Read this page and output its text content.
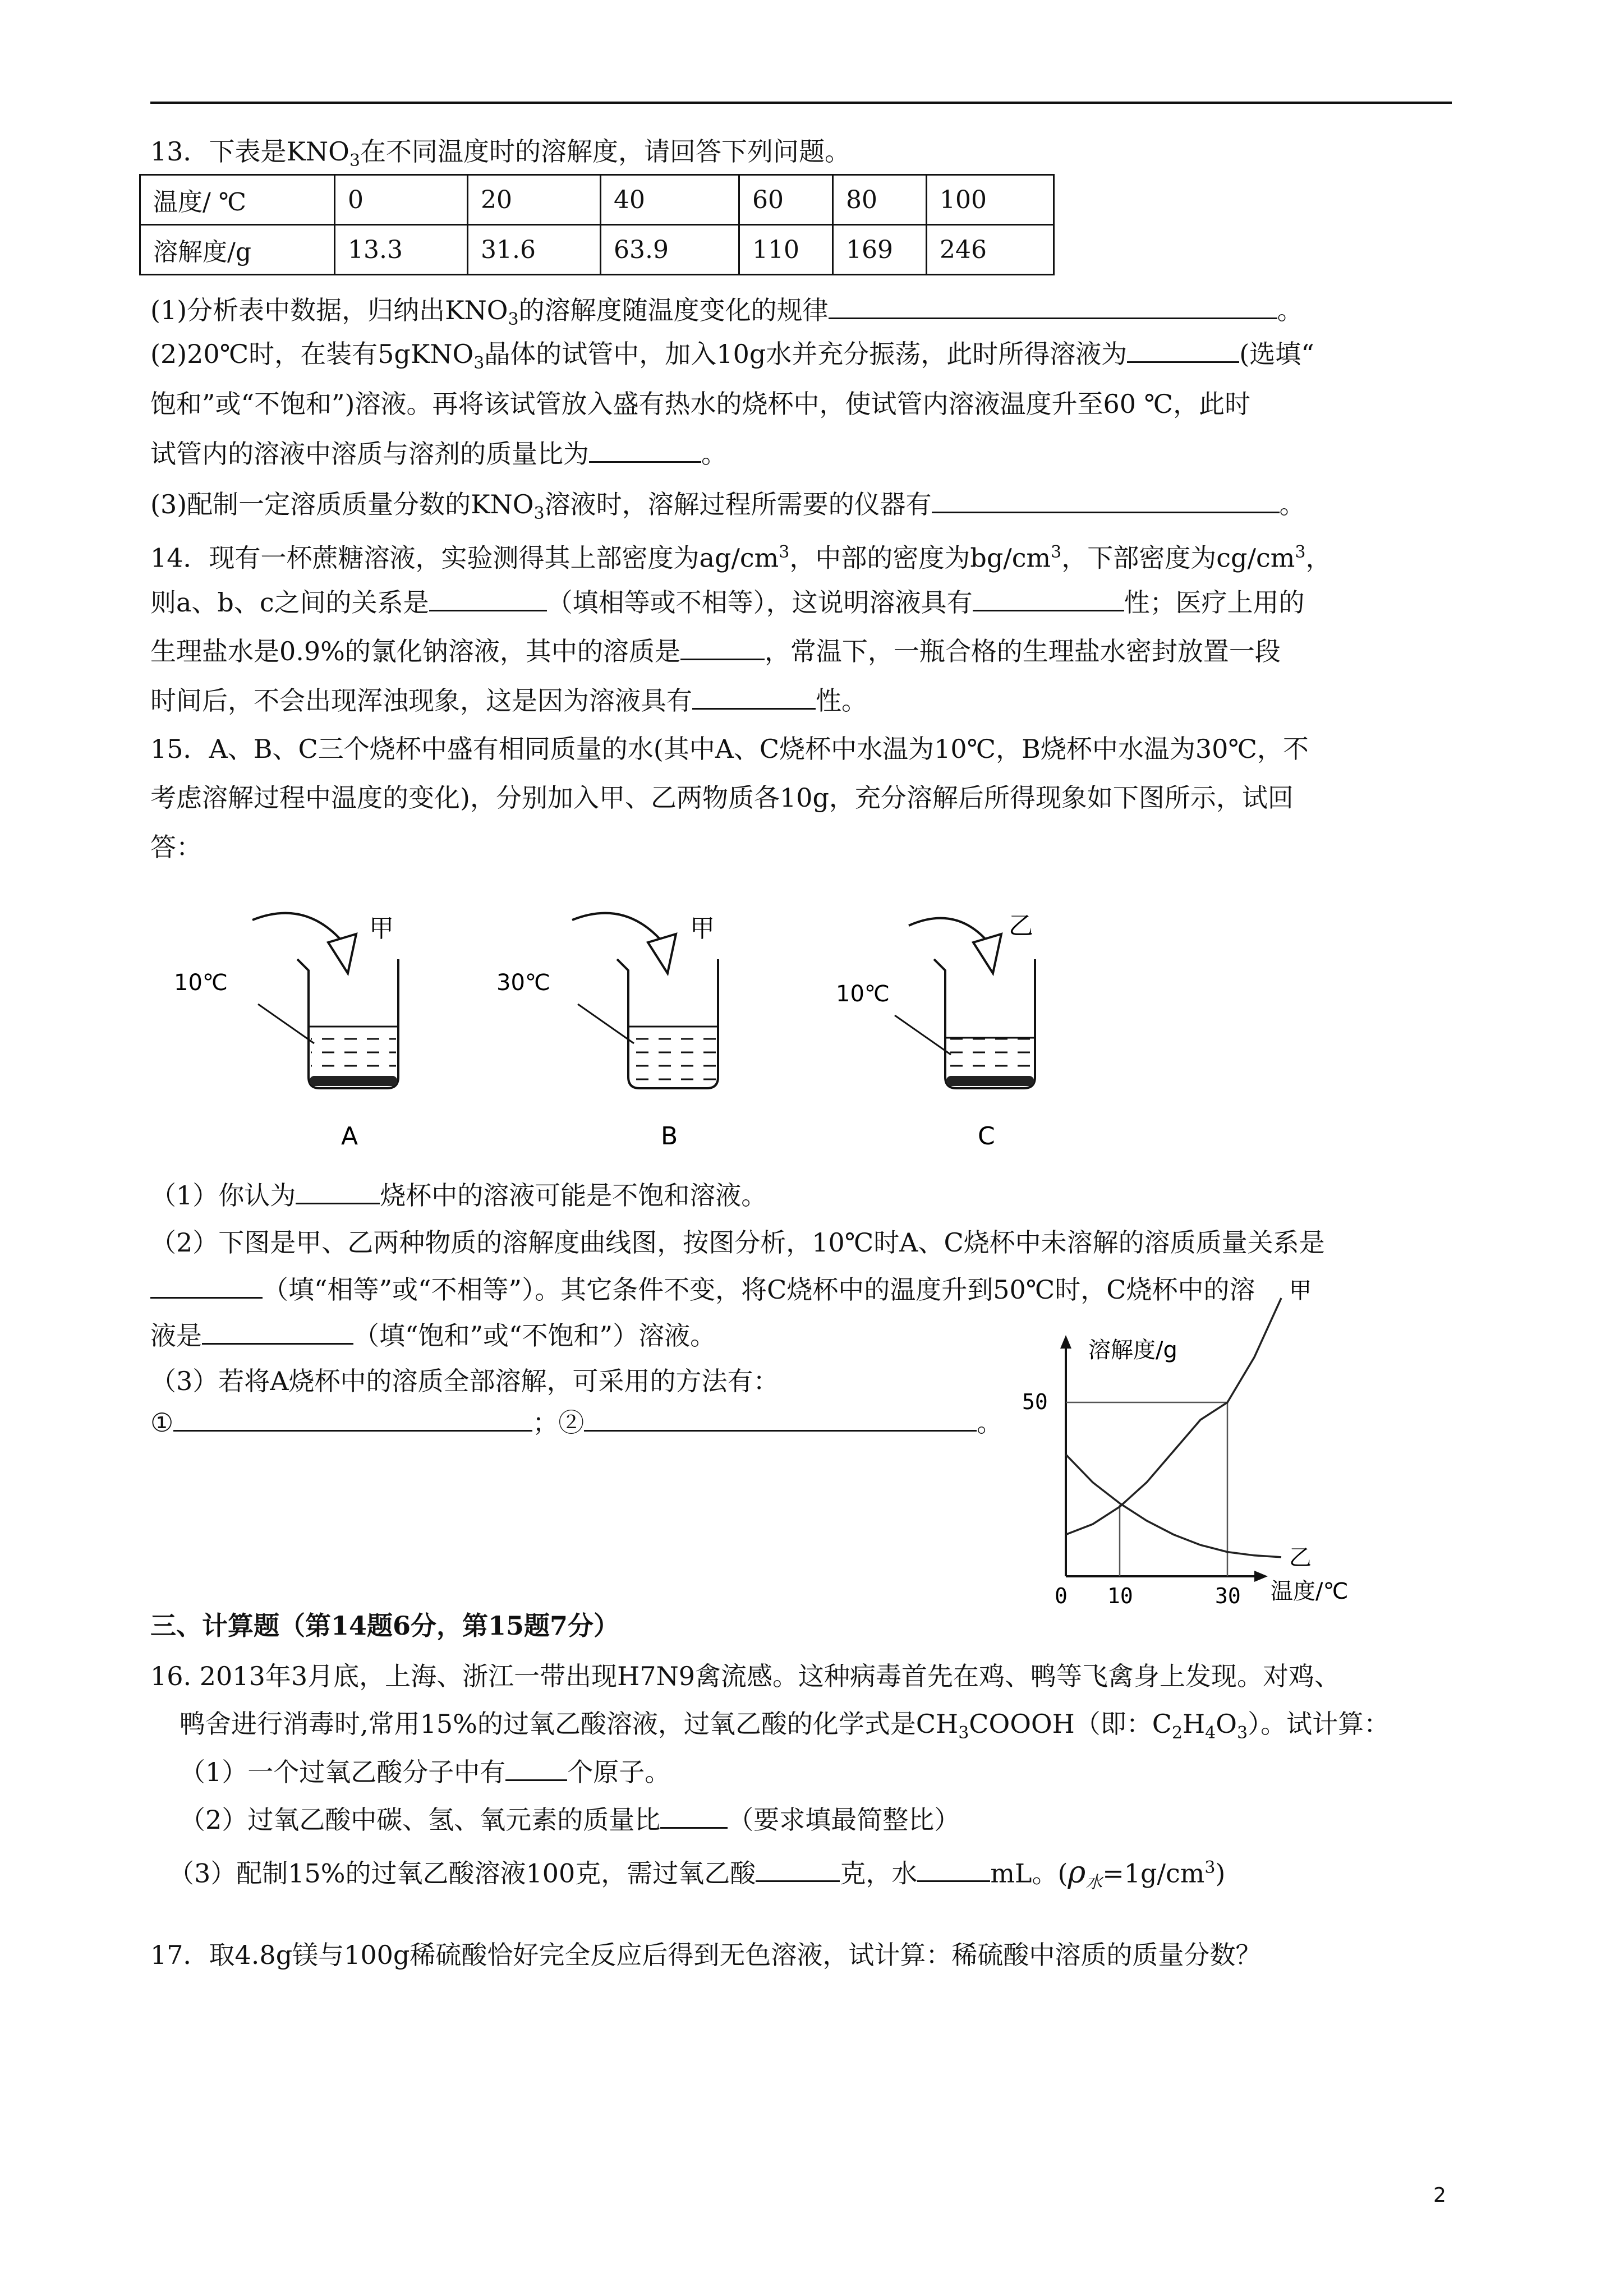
13．下表是$KNO_3$在不同温度时的溶解度，请回答下列问题。
温度/ ℃	0	20	40	60	80	100
溶解度/g	13.3	31.6	63.9	110	169	246
(1)分析表中数据，归纳出$KNO_3$的溶解度随温度变化的规律	。
(2)20℃时，在装有5gKNO$_3$晶体的试管中，加入10g水并充分振荡，此时所得溶液为	(选填“
饱和”或“不饱和”)溶液。再将该试管放入盛有热水的烧杯中，使试管内溶液温度升至60 ℃，此时
试管内的溶液中溶质与溶剂的质量比为	。
(3)配制一定溶质质量分数的$KNO_3$溶液时，溶解过程所需要的仪器有	。
14．现有一杯蔗糖溶液，实验测得其上部密度为$ag/cm^3$，中部的密度为$bg/cm^3$，下部密度为$cg/cm^3$，
则a、b、c之间的关系是	（填相等或不相等），这说明溶液具有	性；医疗上用的
生理盐水是0.9%的氯化钠溶液，其中的溶质是	，常温下，一瓶合格的生理盐水密封放置一段
时间后，不会出现浑浊现象，这是因为溶液具有	性。
15．A、B、C三个烧杯中盛有相同质量的水(其中A、C烧杯中水温为10℃，B烧杯中水温为30℃，不
考虑溶解过程中温度的变化)，分别加入甲、乙两物质各10g，充分溶解后所得现象如下图所示，试回
答：
甲
10℃
A
甲
30℃
B
乙
10℃
C
（1）你认为	烧杯中的溶液可能是不饱和溶液。
（2）下图是甲、乙两种物质的溶解度曲线图，按图分析，10℃时A、C烧杯中未溶解的溶质质量关系是
（填“相等”或“不相等”）。其它条件不变，将C烧杯中的温度升到50℃时，C烧杯中的溶
液是	（填“饱和”或“不饱和”）溶液。
（3）若将A烧杯中的溶质全部溶解，可采用的方法有：
①	；②	。
溶解度/g
温度/℃
0 10	30
50
甲
乙
三、计算题（第14题6分，第15题7分）
16. 2013年3月底，上海、浙江一带出现H7N9禽流感。这种病毒首先在鸡、鸭等飞禽身上发现。对鸡、
鸭舍进行消毒时,常用15%的过氧乙酸溶液，过氧乙酸的化学式是$CH_3COOOH$（即：$C_2H_4O_3$）。试计算：
（1）一个过氧乙酸分子中有 个原子。
（2）过氧乙酸中碳、氢、氧元素的质量比	（要求填最简整比）
（3）配制15%的过氧乙酸溶液100克，需过氧乙酸	克，水	mL。$(\rho_水=1g/cm^3)$
17．取4.8g镁与100g稀硫酸恰好完全反应后得到无色溶液，试计算：稀硫酸中溶质的质量分数？
2
